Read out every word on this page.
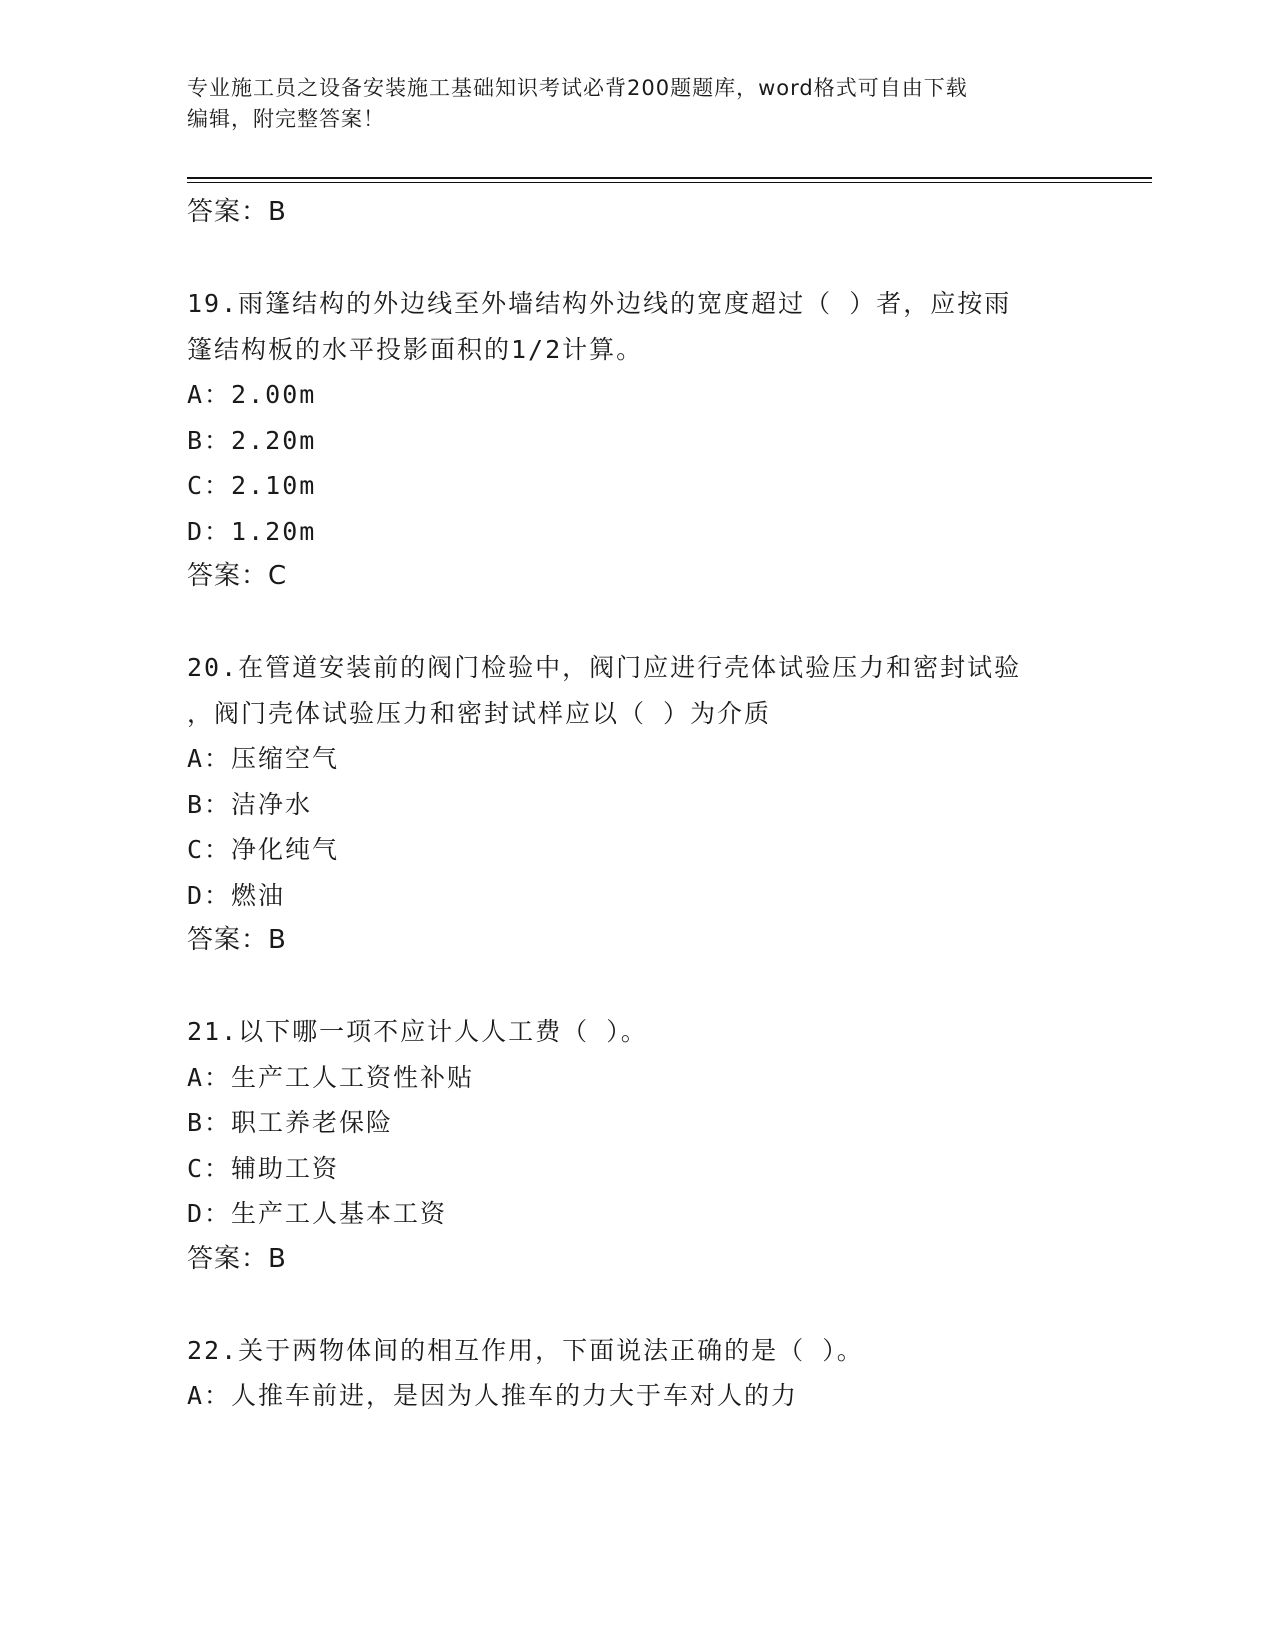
专业施工员之设备安装施工基础知识考试必背200题题库，word格式可自由下载
编辑，附完整答案！
答案：B
19.雨篷结构的外边线至外墙结构外边线的宽度超过（ ）者，应按雨
篷结构板的水平投影面积的1/2计算。
A：2.00m
B：2.20m
C：2.10m
D：1.20m
答案：C
20.在管道安装前的阀门检验中，阀门应进行壳体试验压力和密封试验
，阀门壳体试验压力和密封试样应以（ ）为介质
A：压缩空气
B：洁净水
C：净化纯气
D：燃油
答案：B
21.以下哪一项不应计人人工费（ ）。
A：生产工人工资性补贴
B：职工养老保险
C：辅助工资
D：生产工人基本工资
答案：B
22.关于两物体间的相互作用，下面说法正确的是（ ）。
A：人推车前进，是因为人推车的力大于车对人的力
